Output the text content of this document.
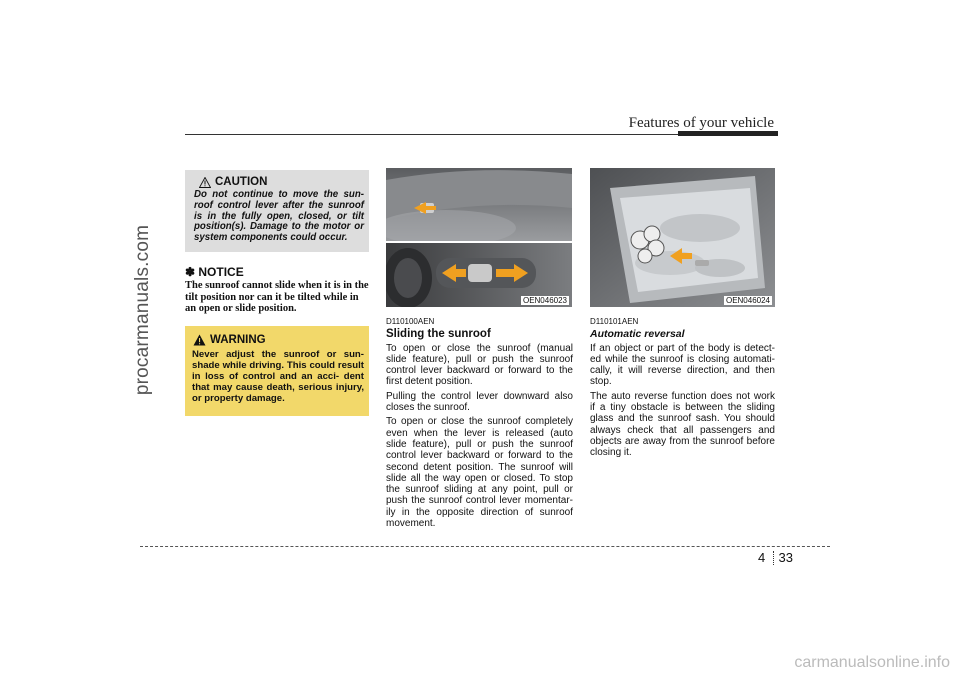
procarmanuals.com
Features of your vehicle
CAUTION
Do not continue to move the sun- roof control lever after the sunroof is in the fully open, closed, or tilt position(s). Damage to the motor or system components could occur.
✽ NOTICE
The sunroof cannot slide when it is in the tilt position nor can it be tilted while in an open or slide position.
WARNING
Never adjust the sunroof or sun- shade while driving. This could result in loss of control and an acci- dent that may cause death, serious injury, or property damage.
OEN046023	OEN046024
D110100AEN
Sliding the sunroof

To open or close the sunroof (manual slide feature), pull or push the sunroof control lever backward or forward to the first detent position.

Pulling the control lever downward also closes the sunroof.

To open or close the sunroof completely even when the lever is released (auto slide feature), pull or push the sunroof control lever backward or forward to the second detent position. The sunroof will slide all the way open or closed. To stop the sunroof sliding at any point, pull or push the sunroof control lever momentar- ily in the opposite direction of sunroof movement.

D110101AEN
Automatic reversal

If an object or part of the body is detect- ed while the sunroof is closing automati- cally, it will reverse direction, and then stop.

The auto reverse function does not work if a tiny obstacle is between the sliding glass and the sunroof sash. You should always check that all passengers and objects are away from the sunroof before closing it.

4 33
carmanualsonline.info
